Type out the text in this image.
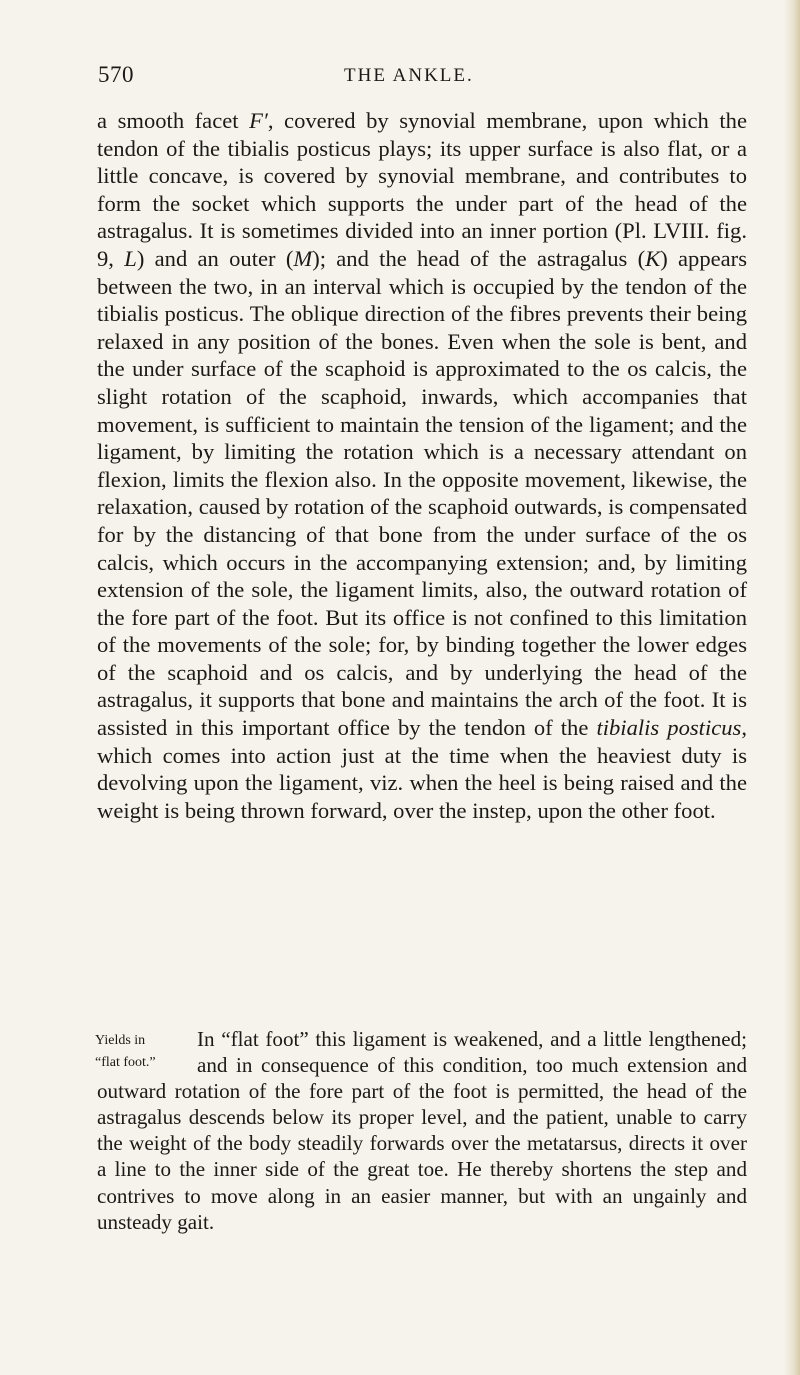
570	THE ANKLE.

a smooth facet F′, covered by synovial membrane, upon which the tendon of the tibialis posticus plays; its upper surface is also flat, or a little concave, is covered by synovial membrane, and contributes to form the socket which supports the under part of the head of the astragalus. It is sometimes divided into an inner portion (Pl. LVIII. fig. 9, L) and an outer (M); and the head of the astragalus (K) appears between the two, in an interval which is occupied by the tendon of the tibialis posticus. The oblique direction of the fibres prevents their being relaxed in any position of the bones. Even when the sole is bent, and the under surface of the scaphoid is approximated to the os calcis, the slight rotation of the scaphoid, inwards, which accompanies that movement, is sufficient to maintain the tension of the ligament; and the ligament, by limiting the rotation which is a necessary attendant on flexion, limits the flexion also. In the opposite movement, likewise, the relaxation, caused by rotation of the scaphoid outwards, is compensated for by the distancing of that bone from the under surface of the os calcis, which occurs in the accompanying extension; and, by limiting extension of the sole, the ligament limits, also, the outward rotation of the fore part of the foot. But its office is not confined to this limitation of the movements of the sole; for, by binding together the lower edges of the scaphoid and os calcis, and by underlying the head of the astragalus, it supports that bone and maintains the arch of the foot. It is assisted in this important office by the tendon of the tibialis posticus, which comes into action just at the time when the heaviest duty is devolving upon the ligament, viz. when the heel is being raised and the weight is being thrown forward, over the instep, upon the other foot.

Yields in
“flat foot.”
In “flat foot” this ligament is weakened, and a little lengthened; and in consequence of this condition, too much extension and outward rotation of the fore part of the foot is permitted, the head of the astragalus descends below its proper level, and the patient, unable to carry the weight of the body steadily forwards over the metatarsus, directs it over a line to the inner side of the great toe. He thereby shortens the step and contrives to move along in an easier manner, but with an ungainly and unsteady gait.
